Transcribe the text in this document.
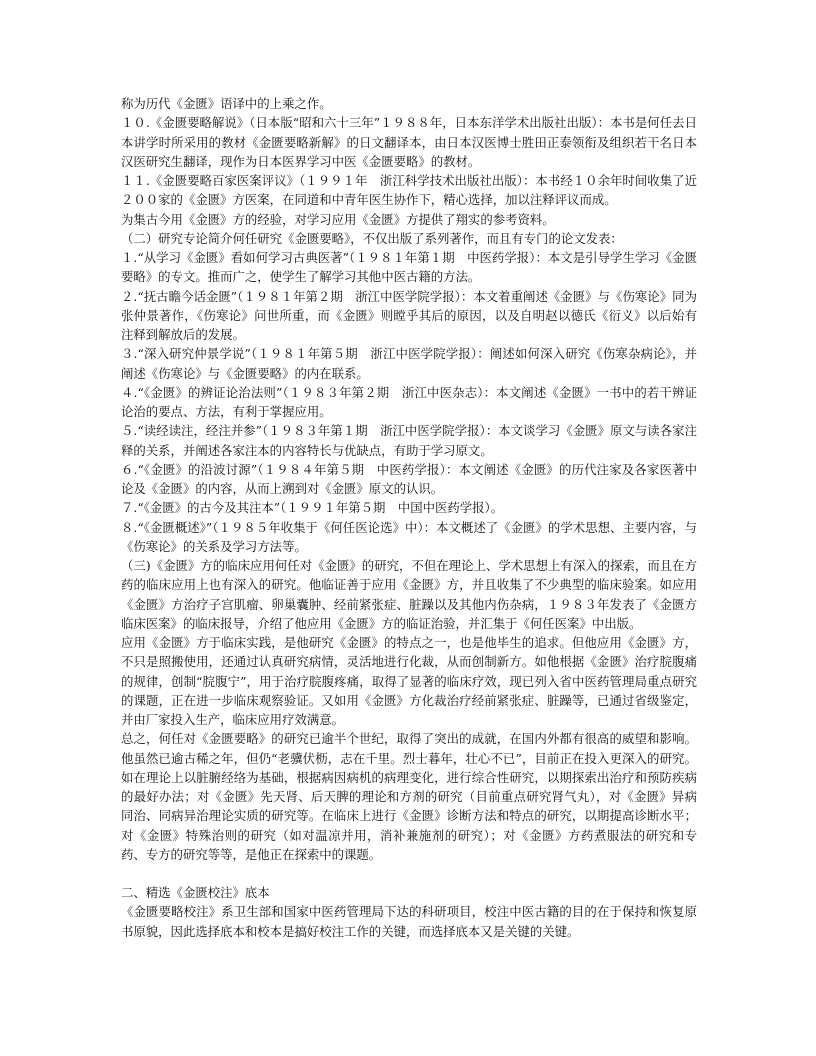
称为历代《金匮》语译中的上乘之作。

１０.《金匮要略解说》（日本版“昭和六十三年”１９８８年，日本东洋学术出版社出版）：本书是何任去日本讲学时所采用的教材《金匮要略新解》的日文翻译本，由日本汉医博士胜田正泰领衔及组织若干名日本汉医研究生翻译，现作为日本医界学习中医《金匮要略》的教材。

１１.《金匮要略百家医案评议》（１９９１年　浙江科学技术出版社出版）：本书经１０余年时间收集了近２００家的《金匮》方医案，在同道和中青年医生协作下，精心选择，加以注释评议而成。

为集古今用《金匮》方的经验，对学习应用《金匮》方提供了翔实的参考资料。

（二）研究专论简介何任研究《金匮要略》，不仅出版了系列著作，而且有专门的论文发表：

１.“从学习《金匮》看如何学习古典医著”（１９８１年第１期　中医药学报）：本文是引导学生学习《金匮要略》的专文。推而广之，使学生了解学习其他中医古籍的方法。

２.“抚古瞻今话金匮”（１９８１年第２期　浙江中医学院学报）：本文着重阐述《金匮》与《伤寒论》同为张仲景著作，《伤寒论》问世所重，而《金匮》则瞠乎其后的原因，以及自明赵以德氏《衍义》以后始有注释到解放后的发展。

３.“深入研究仲景学说”（１９８１年第５期　浙江中医学院学报）：阐述如何深入研究《伤寒杂病论》，并阐述《伤寒论》与《金匮要略》的内在联系。

４.“《金匮》的辨证论治法则”（１９８３年第２期　浙江中医杂志）：本文阐述《金匮》一书中的若干辨证论治的要点、方法，有利于掌握应用。

５.“读经读注，经注并参”（１９８３年第１期　浙江中医学院学报）：本文谈学习《金匮》原文与读各家注释的关系，并阐述各家注本的内容特长与优缺点，有助于学习原文。

６.“《金匮》的沿波讨源”（１９８４年第５期　中医药学报）：本文阐述《金匮》的历代注家及各家医著中论及《金匮》的内容，从而上溯到对《金匮》原文的认识。

７.“《金匮》的古今及其注本”（１９９１年第５期　中国中医药学报）。

８.“《金匮概述》”（１９８５年收集于《何任医论选》中）：本文概述了《金匮》的学术思想、主要内容，与《伤寒论》的关系及学习方法等。

（三)《金匮》方的临床应用何任对《金匮》的研究，不但在理论上、学术思想上有深入的探索，而且在方药的临床应用上也有深入的研究。他临证善于应用《金匮》方，并且收集了不少典型的临床验案。如应用《金匮》方治疗子宫肌瘤、卵巢囊肿、经前紧张症、脏躁以及其他内伤杂病，１９８３年发表了《金匮方临床医案》的临床报导，介绍了他应用《金匮》方的临证治验，并汇集于《何任医案》中出版。

应用《金匮》方于临床实践，是他研究《金匮》的特点之一，也是他毕生的追求。但他应用《金匮》方，不只是照搬使用，还通过认真研究病情，灵活地进行化裁，从而创制新方。如他根据《金匮》治疗脘腹痛的规律，创制“脘腹宁”，用于治疗脘腹疼痛，取得了显著的临床疗效，现已列入省中医药管理局重点研究的课题，正在进一步临床观察验证。又如用《金匮》方化裁治疗经前紧张症、脏躁等，已通过省级鉴定，并由厂家投入生产，临床应用疗效满意。

总之，何任对《金匮要略》的研究已逾半个世纪，取得了突出的成就，在国内外都有很高的威望和影响。他虽然已逾古稀之年，但仍“老骥伏枥，志在千里。烈士暮年，壮心不已”，目前正在投入更深入的研究。如在理论上以脏腑经络为基础，根据病因病机的病理变化，进行综合性研究，以期探索出治疗和预防疾病的最好办法；对《金匮》先天肾、后天脾的理论和方剂的研究（目前重点研究肾气丸），对《金匮》异病同治、同病异治理论实质的研究等。在临床上进行《金匮》诊断方法和特点的研究，以期提高诊断水平；对《金匮》特殊治则的研究（如对温凉并用，消补兼施剂的研究）；对《金匮》方药煮服法的研究和专药、专方的研究等等，是他正在探索中的课题。

二、精选《金匮校注》底本

《金匮要略校注》系卫生部和国家中医药管理局下达的科研项目，校注中医古籍的目的在于保持和恢复原书原貌，因此选择底本和校本是搞好校注工作的关键，而选择底本又是关键的关键。
